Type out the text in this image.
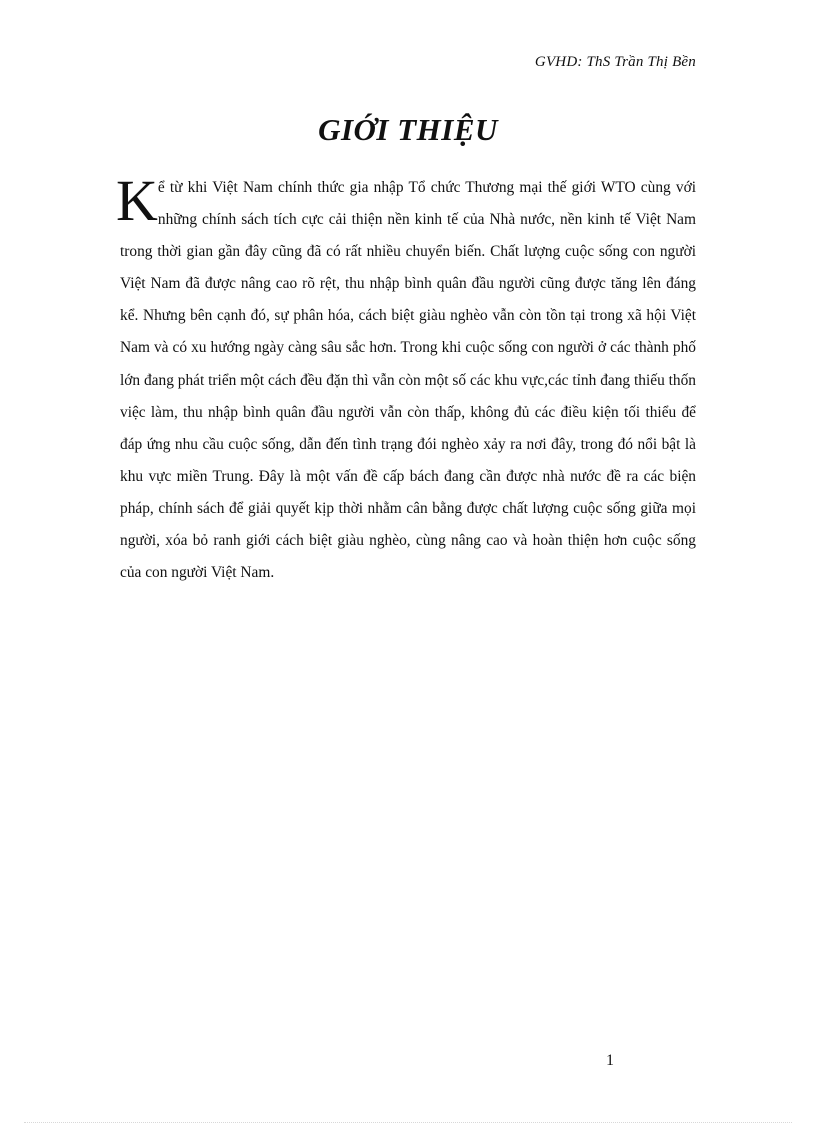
GVHD: ThS Trần Thị Bền
GIỚI THIỆU
K ể từ khi Việt Nam chính thức gia nhập Tổ chức Thương mại thế giới WTO cùng với những chính sách tích cực cải thiện nền kinh tế của Nhà nước, nền kinh tế Việt Nam trong thời gian gần đây cũng đã có rất nhiều chuyển biến. Chất lượng cuộc sống con người Việt Nam đã được nâng cao rõ rệt, thu nhập bình quân đầu người cũng được tăng lên đáng kể. Nhưng bên cạnh đó, sự phân hóa, cách biệt giàu nghèo vẫn còn tồn tại trong xã hội Việt Nam và có xu hướng ngày càng sâu sắc hơn. Trong khi cuộc sống con người ở các thành phố lớn đang phát triển một cách đều đặn thì vẫn còn một số các khu vực,các tỉnh đang thiếu thốn việc làm, thu nhập bình quân đầu người vẫn còn thấp, không đủ các điều kiện tối thiểu để đáp ứng nhu cầu cuộc sống, dẫn đến tình trạng đói nghèo xảy ra nơi đây, trong đó nổi bật là khu vực miền Trung. Đây là một vấn đề cấp bách đang cần được nhà nước đề ra các biện pháp, chính sách để giải quyết kịp thời nhằm cân bằng được chất lượng cuộc sống giữa mọi người, xóa bỏ ranh giới cách biệt giàu nghèo, cùng nâng cao và hoàn thiện hơn cuộc sống của con người Việt Nam.
1
